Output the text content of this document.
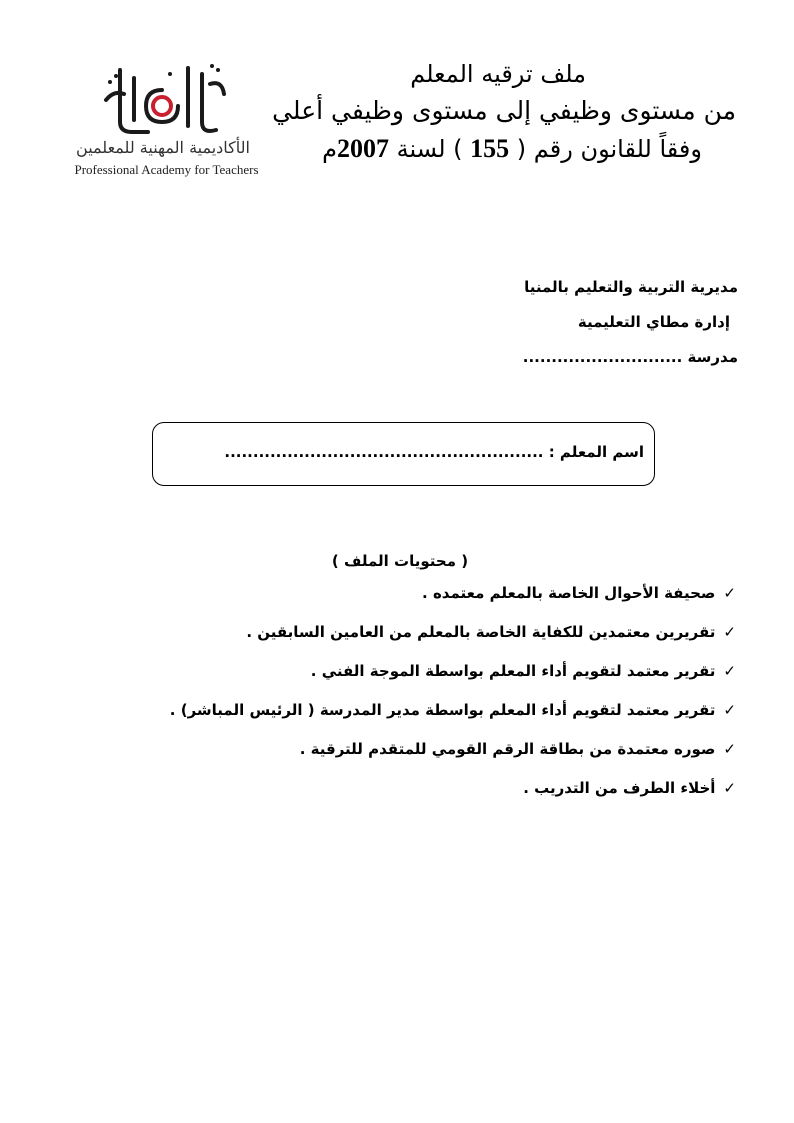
الأكاديمية المهنية للمعلمين
Professional Academy for Teachers
ملف ترقيه المعلم
من مستوى وظيفي إلى مستوى وظيفي أعلي
وفقاً للقانون رقم ( 155 ) لسنة 2007م
مديرية التربية والتعليم بالمنيا
إدارة مطاي التعليمية
مدرسة ............................
اسم المعلم : ........................................................
( محتويات الملف )
✓
صحيفة الأحوال الخاصة بالمعلم معتمده .
✓
تقريرين معتمدين للكفاية الخاصة بالمعلم من العامين السابقين .
✓
تقرير معتمد لتقويم أداء المعلم بواسطة الموجة الفني .
✓
تقرير معتمد لتقويم أداء المعلم بواسطة مدير المدرسة ( الرئيس المباشر) .
✓
صوره معتمدة من بطاقة الرقم القومي للمتقدم للترقية .
✓
أخلاء الطرف من التدريب .
